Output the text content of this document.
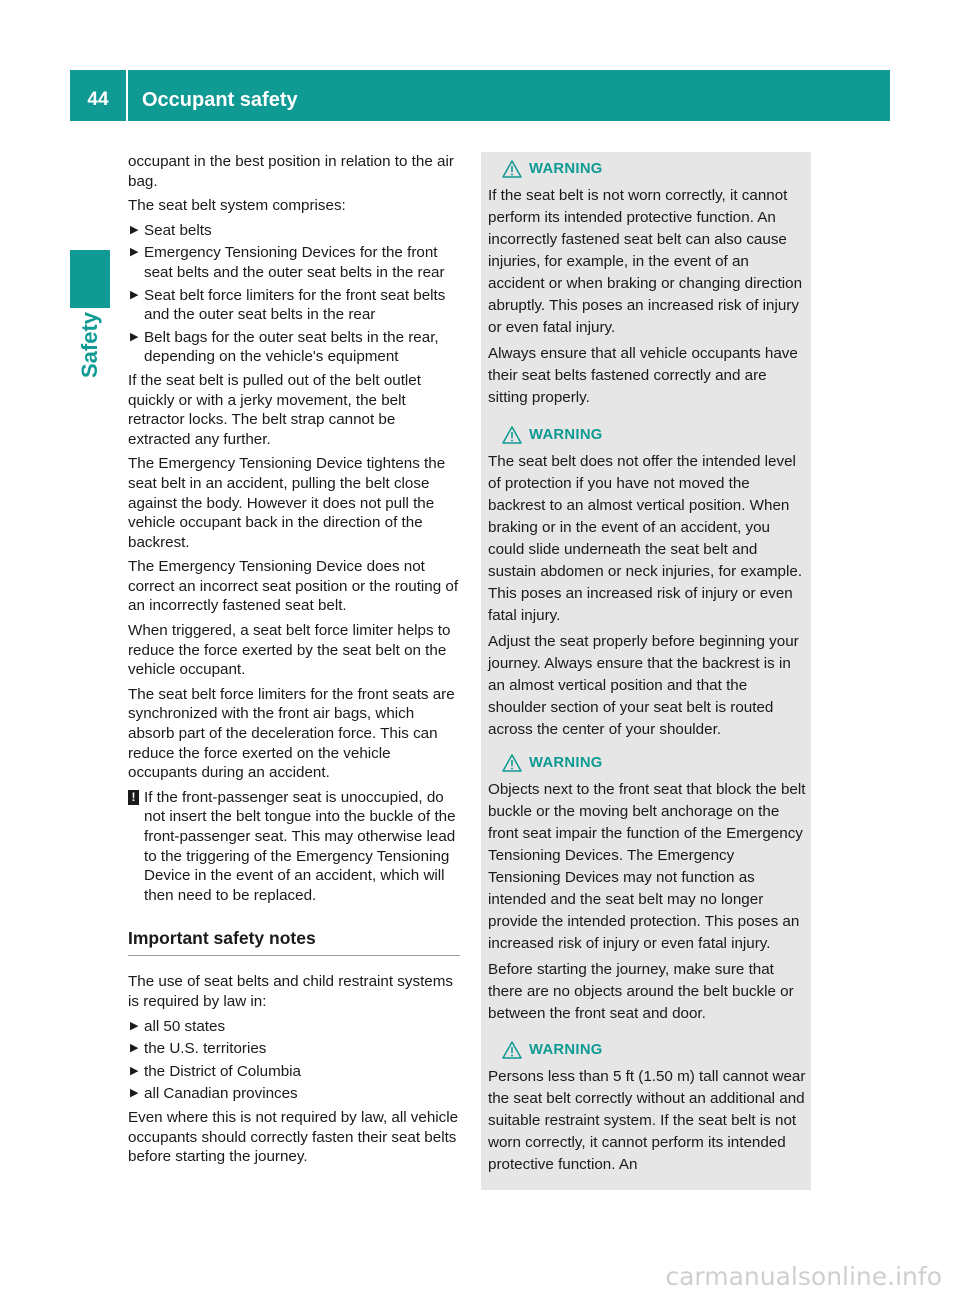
44	Occupant safety
Safety

occupant in the best position in relation to the air bag.

The seat belt system comprises:

▶ Seat belts
▶ Emergency Tensioning Devices for the front seat belts and the outer seat belts in the rear
▶ Seat belt force limiters for the front seat belts and the outer seat belts in the rear
▶ Belt bags for the outer seat belts in the rear, depending on the vehicle's equipment

If the seat belt is pulled out of the belt outlet quickly or with a jerky movement, the belt retractor locks. The belt strap cannot be extracted any further.

The Emergency Tensioning Device tightens the seat belt in an accident, pulling the belt close against the body. However it does not pull the vehicle occupant back in the direction of the backrest.

The Emergency Tensioning Device does not correct an incorrect seat position or the routing of an incorrectly fastened seat belt.

When triggered, a seat belt force limiter helps to reduce the force exerted by the seat belt on the vehicle occupant.

The seat belt force limiters for the front seats are synchronized with the front air bags, which absorb part of the deceleration force. This can reduce the force exerted on the vehicle occupants during an accident.

! If the front-passenger seat is unoccupied, do not insert the belt tongue into the buckle of the front-passenger seat. This may otherwise lead to the triggering of the Emergency Tensioning Device in the event of an accident, which will then need to be replaced.
Important safety notes

The use of seat belts and child restraint systems is required by law in:

▶ all 50 states
▶ the U.S. territories
▶ the District of Columbia
▶ all Canadian provinces

Even where this is not required by law, all vehicle occupants should correctly fasten their seat belts before starting the journey.

WARNING

If the seat belt is not worn correctly, it cannot perform its intended protective function. An incorrectly fastened seat belt can also cause injuries, for example, in the event of an accident or when braking or changing direction abruptly. This poses an increased risk of injury or even fatal injury.

Always ensure that all vehicle occupants have their seat belts fastened correctly and are sitting properly.

WARNING

The seat belt does not offer the intended level of protection if you have not moved the backrest to an almost vertical position. When braking or in the event of an accident, you could slide underneath the seat belt and sustain abdomen or neck injuries, for example. This poses an increased risk of injury or even fatal injury.

Adjust the seat properly before beginning your journey. Always ensure that the backrest is in an almost vertical position and that the shoulder section of your seat belt is routed across the center of your shoulder.

WARNING

Objects next to the front seat that block the belt buckle or the moving belt anchorage on the front seat impair the function of the Emergency Tensioning Devices. The Emergency Tensioning Devices may not function as intended and the seat belt may no longer provide the intended protection. This poses an increased risk of injury or even fatal injury.

Before starting the journey, make sure that there are no objects around the belt buckle or between the front seat and door.

WARNING

Persons less than 5 ft (1.50 m) tall cannot wear the seat belt correctly without an additional and suitable restraint system. If the seat belt is not worn correctly, it cannot perform its intended protective function. An

carmanualsonline.info
